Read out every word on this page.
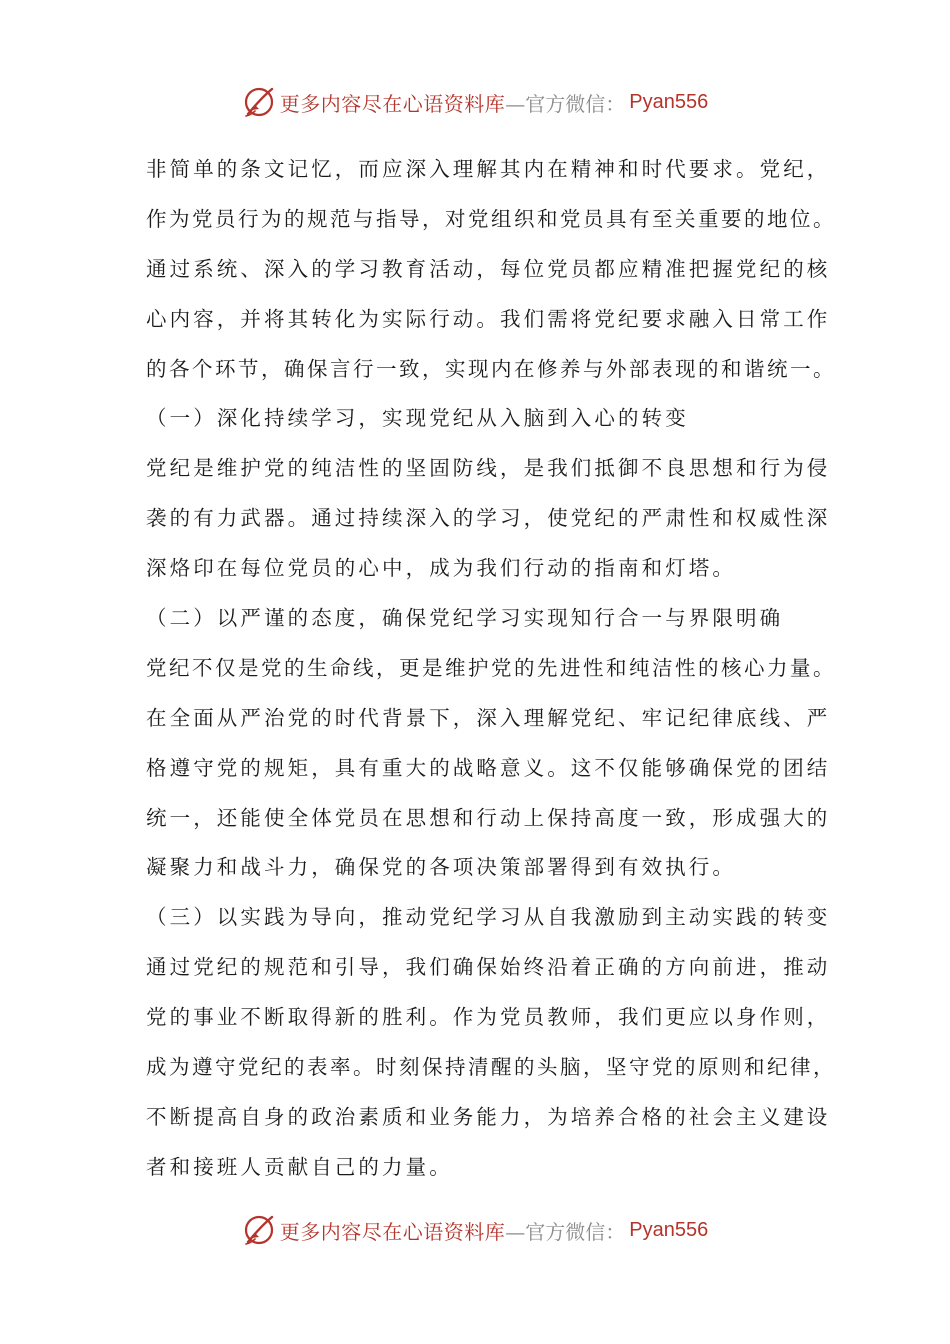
更多内容尽在心语资料库 —官方微信： Pyan556
非简单的条文记忆，而应深入理解其内在精神和时代要求。党纪，
作为党员行为的规范与指导，对党组织和党员具有至关重要的地位。
通过系统、深入的学习教育活动，每位党员都应精准把握党纪的核
心内容，并将其转化为实际行动。我们需将党纪要求融入日常工作
的各个环节，确保言行一致，实现内在修养与外部表现的和谐统一。
（一）深化持续学习，实现党纪从入脑到入心的转变
党纪是维护党的纯洁性的坚固防线，是我们抵御不良思想和行为侵
袭的有力武器。通过持续深入的学习，使党纪的严肃性和权威性深
深烙印在每位党员的心中，成为我们行动的指南和灯塔。
（二）以严谨的态度，确保党纪学习实现知行合一与界限明确
党纪不仅是党的生命线，更是维护党的先进性和纯洁性的核心力量。
在全面从严治党的时代背景下，深入理解党纪、牢记纪律底线、严
格遵守党的规矩，具有重大的战略意义。这不仅能够确保党的团结
统一，还能使全体党员在思想和行动上保持高度一致，形成强大的
凝聚力和战斗力，确保党的各项决策部署得到有效执行。
（三）以实践为导向，推动党纪学习从自我激励到主动实践的转变
通过党纪的规范和引导，我们确保始终沿着正确的方向前进，推动
党的事业不断取得新的胜利。作为党员教师，我们更应以身作则，
成为遵守党纪的表率。时刻保持清醒的头脑，坚守党的原则和纪律，
不断提高自身的政治素质和业务能力，为培养合格的社会主义建设
者和接班人贡献自己的力量。
更多内容尽在心语资料库 —官方微信： Pyan556
